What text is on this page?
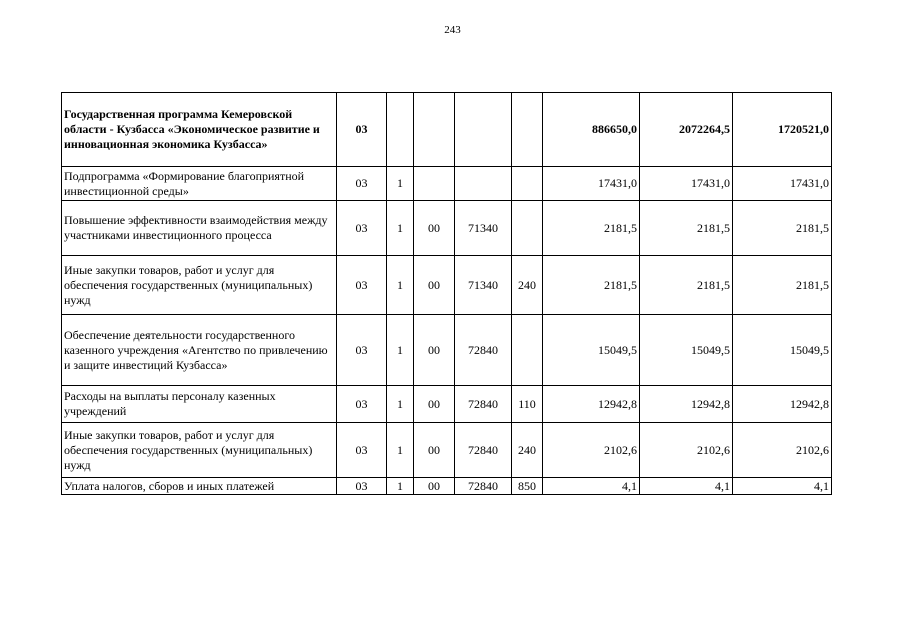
243
Государственная программа Кемеровской области - Кузбасса «Экономическое развитие и инновационная экономика Кузбасса»	03					886650,0	2072264,5	1720521,0
Подпрограмма «Формирование благоприятной инвестиционной среды»	03	1				17431,0	17431,0	17431,0
Повышение эффективности взаимодействия между участниками инвестиционного процесса	03	1	00	71340		2181,5	2181,5	2181,5
Иные закупки товаров, работ и услуг для обеспечения государственных (муниципальных) нужд	03	1	00	71340	240	2181,5	2181,5	2181,5
Обеспечение деятельности государственного казенного учреждения «Агентство по привлечению и защите инвестиций Кузбасса»	03	1	00	72840		15049,5	15049,5	15049,5
Расходы на выплаты персоналу казенных учреждений	03	1	00	72840	110	12942,8	12942,8	12942,8
Иные закупки товаров, работ и услуг для обеспечения государственных (муниципальных) нужд	03	1	00	72840	240	2102,6	2102,6	2102,6
Уплата налогов, сборов и иных платежей	03	1	00	72840	850	4,1	4,1	4,1
